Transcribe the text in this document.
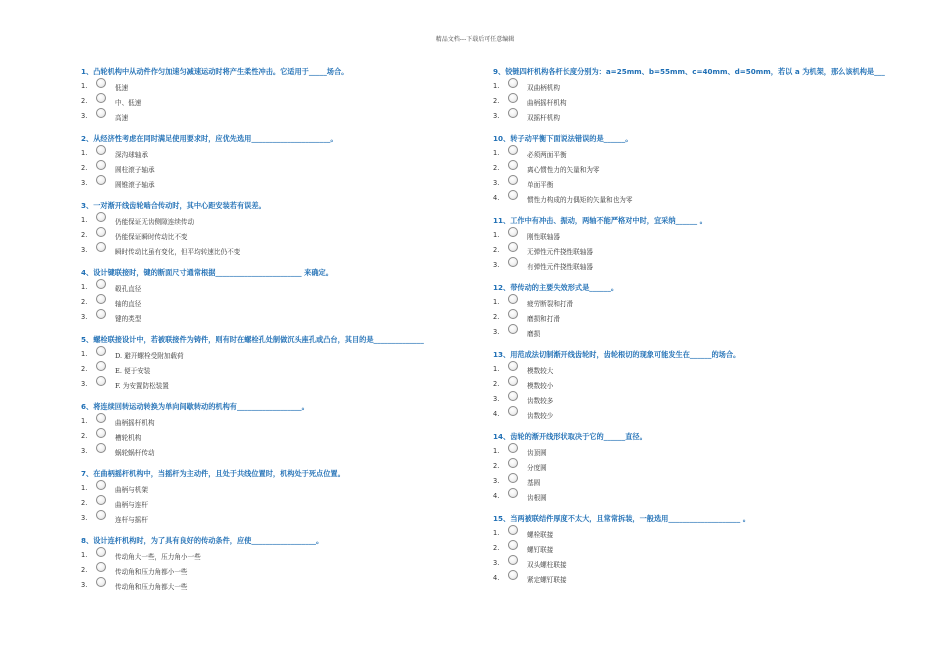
精品文档---下载后可任意编辑
1、凸轮机构中从动件作匀加速匀减速运动时将产生柔性冲击。它适用于_____场合。
1.	低速
2.	中、低速
3.	高速
2、从经济性考虑在同时满足使用要求时，应优先选用______________________。
1.	深沟球轴承
2.	圆柱滚子轴承
3.	圆锥滚子轴承
3、一对渐开线齿轮啮合传动时，其中心距安装若有误差。
1.	仍能保证无齿侧隙连续传动
2.	仍能保证瞬时传动比不变
3.	瞬时传动比虽有变化，但平均转速比仍不变
4、设计键联接时，键的断面尺寸通常根据________________________ 来确定。
1.	毂孔直径
2.	轴的直径
3.	键的类型
5、螺栓联接设计中，若被联接件为铸件，则有时在螺栓孔处制做沉头座孔或凸台，其目的是______________
1.	D. 避开螺栓受附加载荷
2.	E. 便于安装
3.	F. 为安置防松装置
6、将连续回转运动转换为单向间歇转动的机构有__________________。
1.	曲柄摇杆机构
2.	槽轮机构
3.	蜗轮蜗杆传动
7、在曲柄摇杆机构中，当摇杆为主动件，且处于共线位置时，机构处于死点位置。
1.	曲柄与机架
2.	曲柄与连杆
3.	连杆与摇杆
8、设计连杆机构时，为了具有良好的传动条件，应使__________________。
1.	传动角大一些，压力角小一些
2.	传动角和压力角都小一些
3.	传动角和压力角都大一些
9、铰链四杆机构各杆长度分别为：a=25mm、b=55mm、c=40mm、d=50mm，若以 a 为机架，那么该机构是___
1.	双曲柄机构
2.	曲柄摇杆机构
3.	双摇杆机构
10、转子动平衡下面说法错误的是______。
1.	必须两面平衡
2.	离心惯性力的矢量和为零
3.	单面平衡
4.	惯性力构成的力偶矩的矢量和也为零
11、工作中有冲击、振动，两轴不能严格对中时，宜采纳______ 。
1.	刚性联轴器
2.	无弹性元件挠性联轴器
3.	有弹性元件挠性联轴器
12、带传动的主要失效形式是______。
1.	疲劳断裂和打滑
2.	磨损和打滑
3.	磨损
13、用范成法切制渐开线齿轮时，齿轮根切的现象可能发生在______的场合。
1.	模数较大
2.	模数较小
3.	齿数较多
4.	齿数较少
14、齿轮的渐开线形状取决于它的______直径。
1.	齿顶圆
2.	分度圆
3.	基圆
4.	齿根圆
15、当两被联结件厚度不太大，且常常拆装，一般选用____________________ 。
1.	螺栓联接
2.	螺钉联接
3.	双头螺柱联接
4.	紧定螺钉联接
